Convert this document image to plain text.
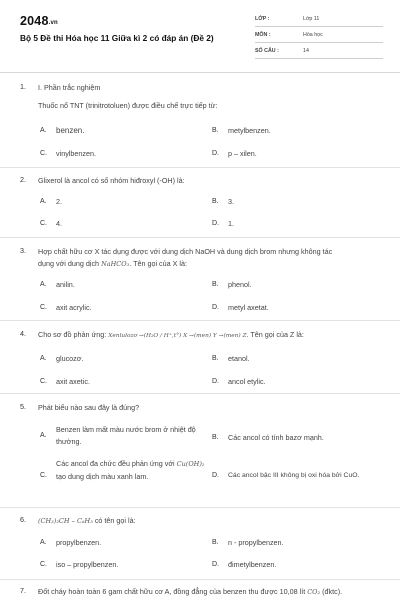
2048.vn
Bộ 5 Đề thi Hóa học 11 Giữa kì 2 có đáp án (Đề 2)
LỚP :	Lớp 11
MÔN :	Hóa học
SỐ CÂU :	14
1. I. Phần trắc nghiệm
Thuốc nổ TNT (trinitrotoluen) được điều chế trực tiếp từ:
A. benzen.	B. metylbenzen.
C. vinylbenzen.	D. p – xilen.
2. Glixerol là ancol có số nhóm hiđroxyl (-OH) là:
A. 2.	B. 3.
C. 4.	D. 1.
3. Hợp chất hữu cơ X tác dụng được với dung dịch NaOH và dung dịch brom nhưng không tác
dụng với dung dịch NaHCO₃. Tên gọi của X là:
A. anilin.	B. phenol.
C. axit acrylic.	D. metyl axetat.
4. Cho sơ đồ phản ứng: Xenlulozơ →(H₂O / H⁺,t°) X →(men) Y →(men) Z. Tên gọi của Z là:
A. glucozơ.	B. etanol.
C. axit axetic.	D. ancol etylic.
5. Phát biểu nào sau đây là đúng?
A.
Benzen làm mất màu nước brom ở nhiệt độ thường.	B. Các ancol có tính bazơ mạnh.
C.
Các ancol đa chức đều phản ứng với Cu(OH)₂ tạo dung dịch màu xanh lam.	D. Các ancol bậc III không bị oxi hóa bởi CuO.
6. (CH₃)₂CH – C₆H₅ có tên gọi là:
A. propylbenzen.	B. n - propylbenzen.
C. iso – propylbenzen.	D. đimetylbenzen.
7. Đốt cháy hoàn toàn 6 gam chất hữu cơ A, đồng đẳng của benzen thu được 10,08 lít CO₂ (đktc).
